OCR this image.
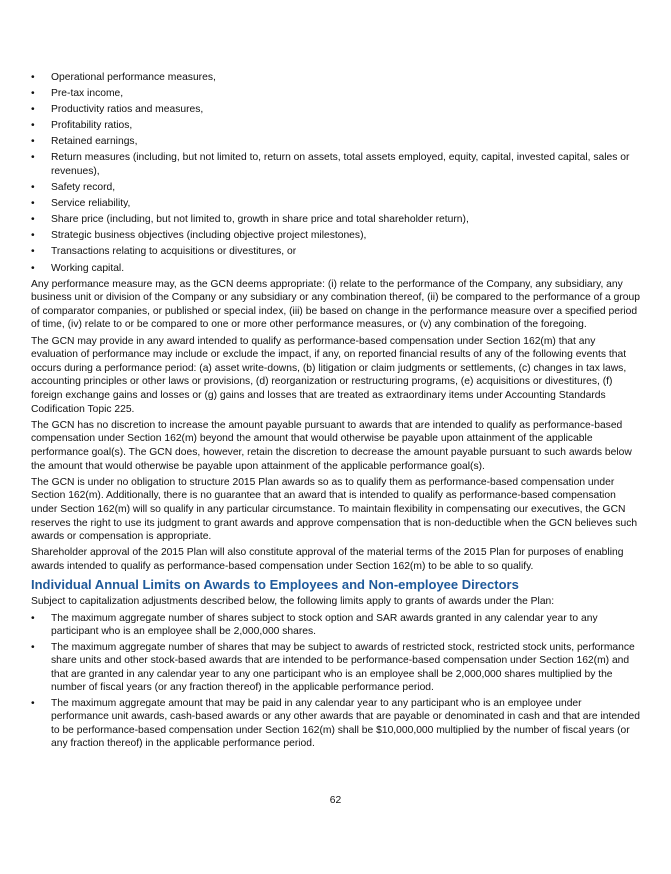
• Operational performance measures,
• Pre-tax income,
• Productivity ratios and measures,
• Profitability ratios,
• Retained earnings,
• Return measures (including, but not limited to, return on assets, total assets employed, equity, capital, invested capital, sales or revenues),
• Safety record,
• Service reliability,
• Share price (including, but not limited to, growth in share price and total shareholder return),
• Strategic business objectives (including objective project milestones),
• Transactions relating to acquisitions or divestitures, or
• Working capital.

Any performance measure may, as the GCN deems appropriate: (i) relate to the performance of the Company, any subsidiary, any business unit or division of the Company or any subsidiary or any combination thereof, (ii) be compared to the performance of a group of comparator companies, or published or special index, (iii) be based on change in the performance measure over a specified period of time, (iv) relate to or be compared to one or more other performance measures, or (v) any combination of the foregoing.

The GCN may provide in any award intended to qualify as performance-based compensation under Section 162(m) that any evaluation of performance may include or exclude the impact, if any, on reported financial results of any of the following events that occurs during a performance period: (a) asset write-downs, (b) litigation or claim judgments or settlements, (c) changes in tax laws, accounting principles or other laws or provisions, (d) reorganization or restructuring programs, (e) acquisitions or divestitures, (f) foreign exchange gains and losses or (g) gains and losses that are treated as extraordinary items under Accounting Standards Codification Topic 225.

The GCN has no discretion to increase the amount payable pursuant to awards that are intended to qualify as performance-based compensation under Section 162(m) beyond the amount that would otherwise be payable upon attainment of the applicable performance goal(s). The GCN does, however, retain the discretion to decrease the amount payable pursuant to such awards below the amount that would otherwise be payable upon attainment of the applicable performance goal(s).

The GCN is under no obligation to structure 2015 Plan awards so as to qualify them as performance-based compensation under Section 162(m). Additionally, there is no guarantee that an award that is intended to qualify as performance-based compensation under Section 162(m) will so qualify in any particular circumstance. To maintain flexibility in compensating our executives, the GCN reserves the right to use its judgment to grant awards and approve compensation that is non-deductible when the GCN believes such awards or compensation is appropriate.

Shareholder approval of the 2015 Plan will also constitute approval of the material terms of the 2015 Plan for purposes of enabling awards intended to qualify as performance-based compensation under Section 162(m) to be able to so qualify.

Individual Annual Limits on Awards to Employees and Non-employee Directors

Subject to capitalization adjustments described below, the following limits apply to grants of awards under the Plan:

• The maximum aggregate number of shares subject to stock option and SAR awards granted in any calendar year to any participant who is an employee shall be 2,000,000 shares.
• The maximum aggregate number of shares that may be subject to awards of restricted stock, restricted stock units, performance share units and other stock-based awards that are intended to be performance-based compensation under Section 162(m) and that are granted in any calendar year to any one participant who is an employee shall be 2,000,000 shares multiplied by the number of fiscal years (or any fraction thereof) in the applicable performance period.
• The maximum aggregate amount that may be paid in any calendar year to any participant who is an employee under performance unit awards, cash-based awards or any other awards that are payable or denominated in cash and that are intended to be performance-based compensation under Section 162(m) shall be $10,000,000 multiplied by the number of fiscal years (or any fraction thereof) in the applicable performance period.
62
